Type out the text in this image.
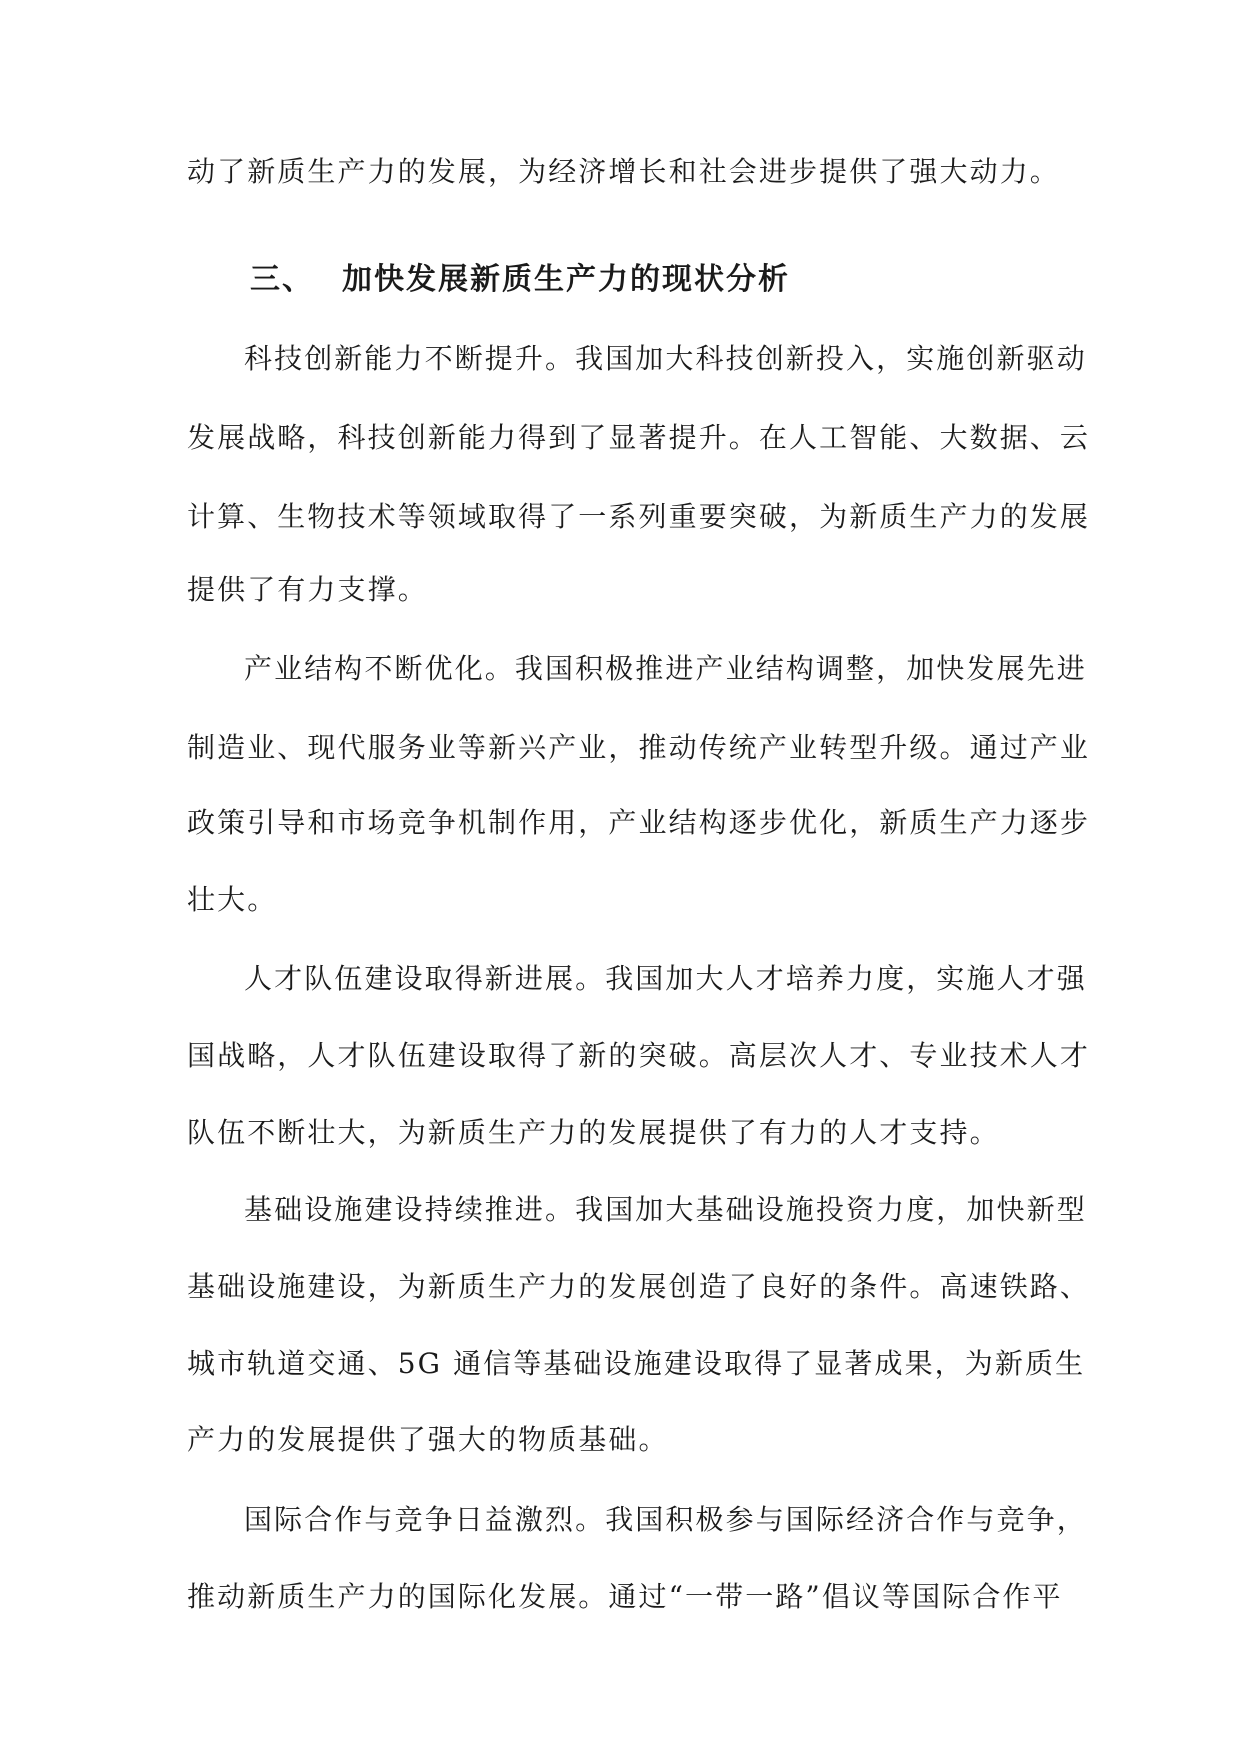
动了新质生产力的发展，为经济增长和社会进步提供了强大动力。
三、 加快发展新质生产力的现状分析
科技创新能力不断提升。我国加大科技创新投入，实施创新驱动
发展战略，科技创新能力得到了显著提升。在人工智能、大数据、云
计算、生物技术等领域取得了一系列重要突破，为新质生产力的发展
提供了有力支撑。
产业结构不断优化。我国积极推进产业结构调整，加快发展先进
制造业、现代服务业等新兴产业，推动传统产业转型升级。通过产业
政策引导和市场竞争机制作用，产业结构逐步优化，新质生产力逐步
壮大。
人才队伍建设取得新进展。我国加大人才培养力度，实施人才强
国战略，人才队伍建设取得了新的突破。高层次人才、专业技术人才
队伍不断壮大，为新质生产力的发展提供了有力的人才支持。
基础设施建设持续推进。我国加大基础设施投资力度，加快新型
基础设施建设，为新质生产力的发展创造了良好的条件。高速铁路、
城市轨道交通、5G 通信等基础设施建设取得了显著成果，为新质生
产力的发展提供了强大的物质基础。
国际合作与竞争日益激烈。我国积极参与国际经济合作与竞争，
推动新质生产力的国际化发展。通过“一带一路”倡议等国际合作平
